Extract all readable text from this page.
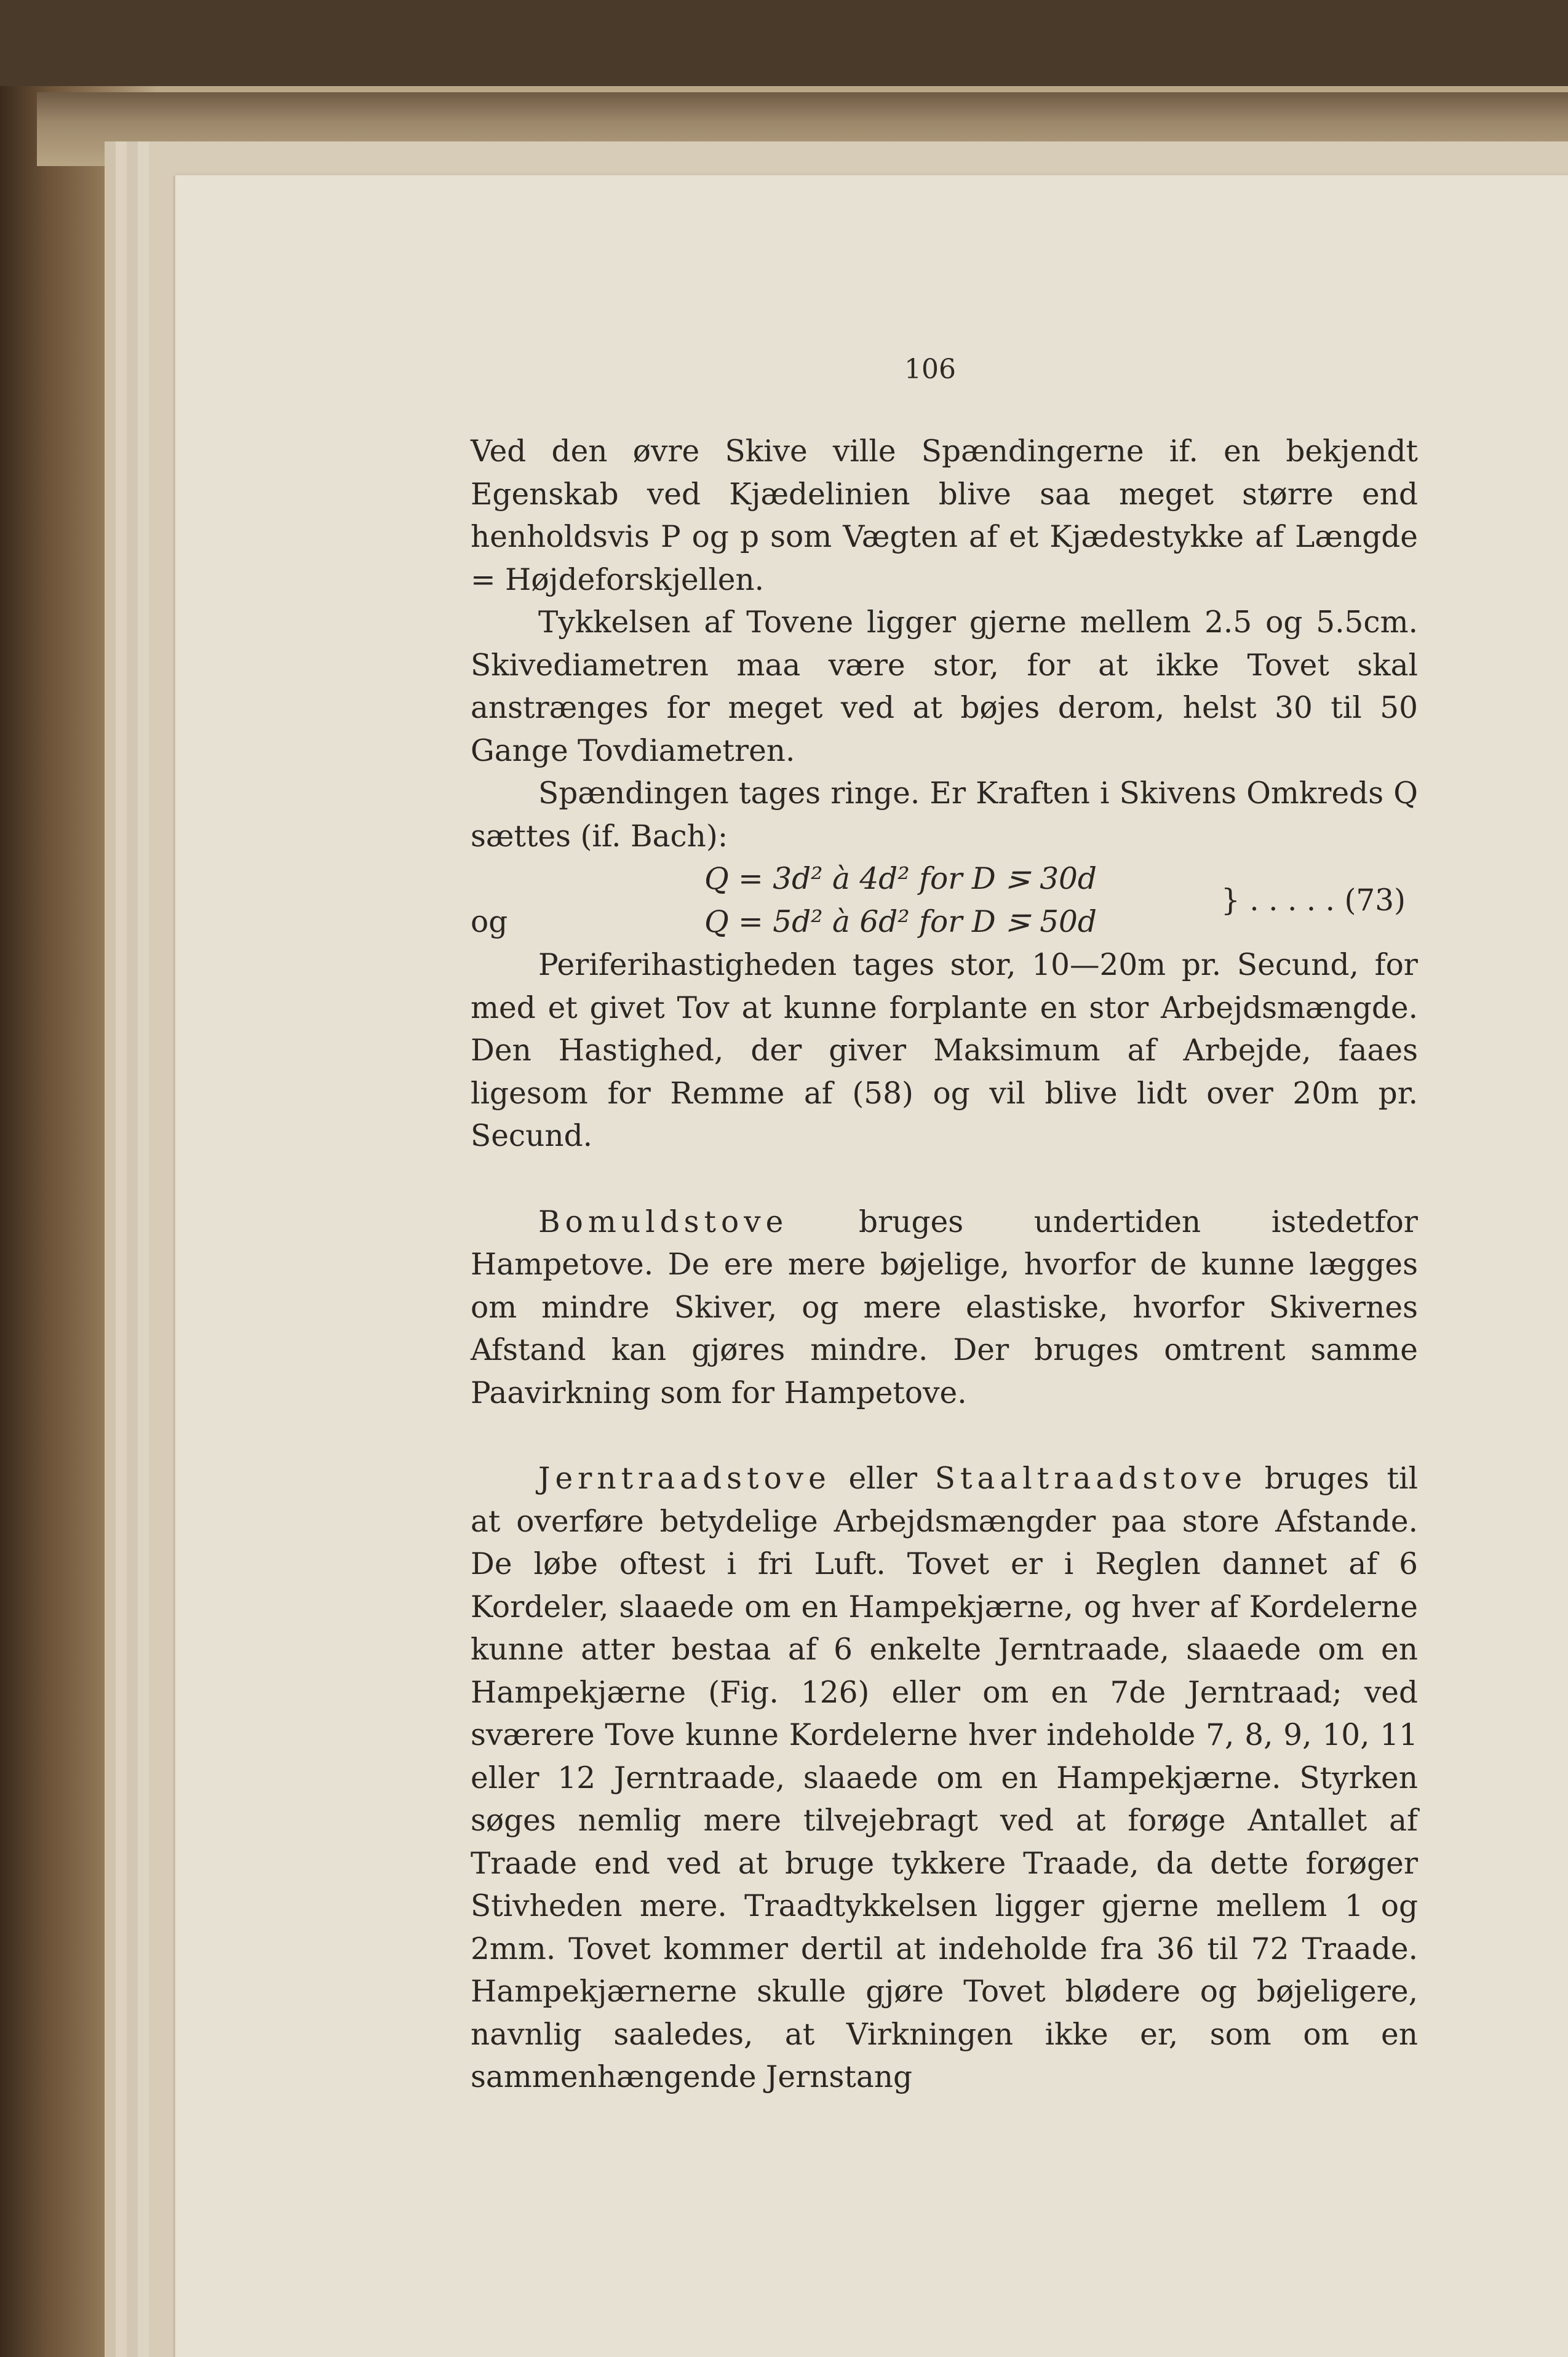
106

Ved den øvre Skive ville Spændingerne if. en bekjendt Egenskab ved Kjædelinien blive saa meget større end henholdsvis P og p som Vægten af et Kjædestykke af Længde = Højdeforskjellen.

Tykkelsen af Tovene ligger gjerne mellem 2.5 og 5.5cm. Skivediametren maa være stor, for at ikke Tovet skal anstrænges for meget ved at bøjes derom, helst 30 til 50 Gange Tovdiametren.

Spændingen tages ringe. Er Kraften i Skivens Omkreds Q sættes (if. Bach):

Q = 3d² à 4d² for D ⋝ 30d
og	Q = 5d² à 6d² for D ⋝ 50d
} . . . . . (73)

Periferihastigheden tages stor, 10—20m pr. Secund, for med et givet Tov at kunne forplante en stor Arbejdsmængde. Den Hastighed, der giver Maksimum af Arbejde, faaes ligesom for Remme af (58) og vil blive lidt over 20m pr. Secund.

Bomuldstove bruges undertiden istedetfor Hampetove. De ere mere bøjelige, hvorfor de kunne lægges om mindre Skiver, og mere elastiske, hvorfor Skivernes Afstand kan gjøres mindre. Der bruges omtrent samme Paavirkning som for Hampetove.

Jerntraadstove eller Staaltraadstove bruges til at overføre betydelige Arbejdsmængder paa store Afstande. De løbe oftest i fri Luft. Tovet er i Reglen dannet af 6 Kordeler, slaaede om en Hampekjærne, og hver af Kordelerne kunne atter bestaa af 6 enkelte Jerntraade, slaaede om en Hampekjærne (Fig. 126) eller om en 7de Jerntraad; ved sværere Tove kunne Kordelerne hver indeholde 7, 8, 9, 10, 11 eller 12 Jerntraade, slaaede om en Hampekjærne. Styrken søges nemlig mere tilvejebragt ved at forøge Antallet af Traade end ved at bruge tykkere Traade, da dette forøger Stivheden mere. Traadtykkelsen ligger gjerne mellem 1 og 2mm. Tovet kommer dertil at indeholde fra 36 til 72 Traade. Hampekjærnerne skulle gjøre Tovet blødere og bøjeligere, navnlig saaledes, at Virkningen ikke er, som om en sammenhængende Jernstang
